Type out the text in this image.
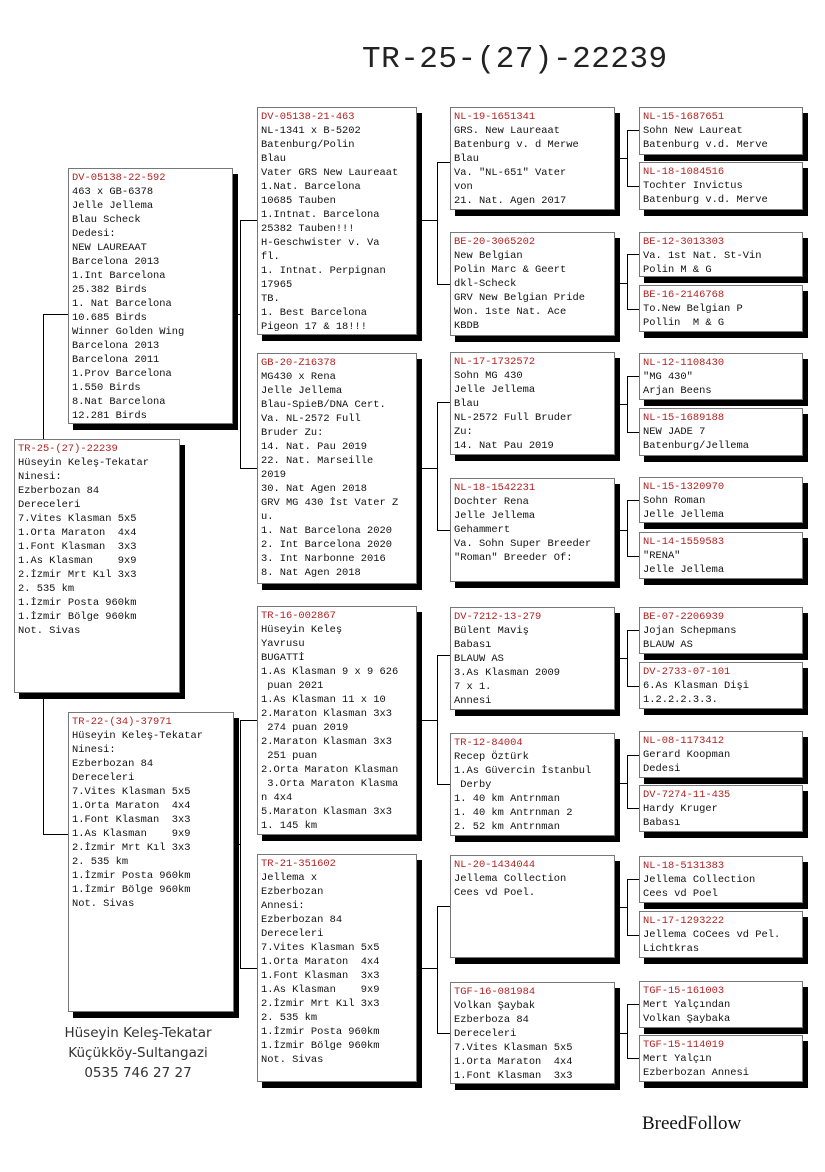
TR-25-(27)-22239
TR-25-(27)-22239
Hüseyin Keleş-Tekatar
Ninesi:
Ezberbozan 84
Dereceleri
7.Vites Klasman 5x5
1.Orta Maraton  4x4
1.Font Klasman  3x3
1.As Klasman    9x9
2.İzmir Mrt Kıl 3x3
2. 535 km
1.İzmir Posta 960km
1.İzmir Bölge 960km
Not. Sivas
DV-05138-22-592
463 x GB-6378
Jelle Jellema
Blau Scheck
Dedesi:
NEW LAUREAAT
Barcelona 2013
1.Int Barcelona
25.382 Birds
1. Nat Barcelona
10.685 Birds
Winner Golden Wing
Barcelona 2013
Barcelona 2011
1.Prov Barcelona
1.550 Birds
8.Nat Barcelona
12.281 Birds
TR-22-(34)-37971
Hüseyin Keleş-Tekatar
Ninesi:
Ezberbozan 84
Dereceleri
7.Vites Klasman 5x5
1.Orta Maraton  4x4
1.Font Klasman  3x3
1.As Klasman    9x9
2.İzmir Mrt Kıl 3x3
2. 535 km
1.İzmir Posta 960km
1.İzmir Bölge 960km
Not. Sivas
DV-05138-21-463
NL-1341 x B-5202
Batenburg/Polin
Blau
Vater GRS New Laureaat
1.Nat. Barcelona
10685 Tauben
1.Intnat. Barcelona
25382 Tauben!!!
H-Geschwister v. Va
fl.
1. Intnat. Perpignan
17965
TB.
1. Best Barcelona
Pigeon 17 & 18!!!
GB-20-Z16378
MG430 x Rena
Jelle Jellema
Blau-SpieB/DNA Cert.
Va. NL-2572 Full
Bruder Zu:
14. Nat. Pau 2019
22. Nat. Marseille
2019
30. Nat Agen 2018
GRV MG 430 İst Vater Z
u.
1. Nat Barcelona 2020
2. Int Barcelona 2020
3. Int Narbonne 2016
8. Nat Agen 2018
TR-16-002867
Hüseyin Keleş
Yavrusu
BUGATTİ
1.As Klasman 9 x 9 626
puan 2021
1.As Klasman 11 x 10
2.Maraton Klasman 3x3
274 puan 2019
2.Maraton Klasman 3x3
251 puan
2.Orta Maraton Klasman
3.Orta Maraton Klasma
n 4x4
5.Maraton Klasman 3x3
1. 145 km
TR-21-351602
Jellema x
Ezberbozan
Annesi:
Ezberbozan 84
Dereceleri
7.Vites Klasman 5x5
1.Orta Maraton  4x4
1.Font Klasman  3x3
1.As Klasman    9x9
2.İzmir Mrt Kıl 3x3
2. 535 km
1.İzmir Posta 960km
1.İzmir Bölge 960km
Not. Sivas
NL-19-1651341
GRS. New Laureaat
Batenburg v. d Merwe
Blau
Va. "NL-651" Vater
von
21. Nat. Agen 2017
BE-20-3065202
New Belgian
Polin Marc & Geert
dkl-Scheck
GRV New Belgian Pride
Won. 1ste Nat. Ace
KBDB
NL-17-1732572
Sohn MG 430
Jelle Jellema
Blau
NL-2572 Full Bruder
Zu:
14. Nat Pau 2019
NL-18-1542231
Dochter Rena
Jelle Jellema
Gehammert
Va. Sohn Super Breeder
"Roman" Breeder Of:
DV-7212-13-279
Bülent Maviş
Babası
BLAUW AS
3.As Klasman 2009
7 x 1.
Annesi
TR-12-84004
Recep Öztürk
1.As Güvercin İstanbul
Derby
1. 40 km Antrnman
1. 40 km Antrnman 2
2. 52 km Antrnman
NL-20-1434044
Jellema Collection
Cees vd Poel.
TGF-16-081984
Volkan Şaybak
Ezberboza 84
Dereceleri
7.Vites Klasman 5x5
1.Orta Maraton  4x4
1.Font Klasman  3x3
NL-15-1687651
Sohn New Laureat
Batenburg v.d. Merve
NL-18-1084516
Tochter Invictus
Batenburg v.d. Merve
BE-12-3013303
Va. 1st Nat. St-Vin
Polin M & G
BE-16-2146768
To.New Belgian P
Pollin  M & G
NL-12-1108430
"MG 430"
Arjan Beens
NL-15-1689188
NEW JADE 7
Batenburg/Jellema
NL-15-1320970
Sohn Roman
Jelle Jellema
NL-14-1559583
"RENA"
Jelle Jellema
BE-07-2206939
Jojan Schepmans
BLAUW AS
DV-2733-07-101
6.As Klasman Dişi
1.2.2.2.3.3.
NL-08-1173412
Gerard Koopman
Dedesi
DV-7274-11-435
Hardy Kruger
Babası
NL-18-5131383
Jellema Collection
Cees vd Poel
NL-17-1293222
Jellema CoCees vd Pel.
Lichtkras
TGF-15-161003
Mert Yalçından
Volkan Şaybaka
TGF-15-114019
Mert Yalçın
Ezberbozan Annesi
Hüseyin Keleş-Tekatar
Küçükköy-Sultangazi
0535 746 27 27
BreedFollow
